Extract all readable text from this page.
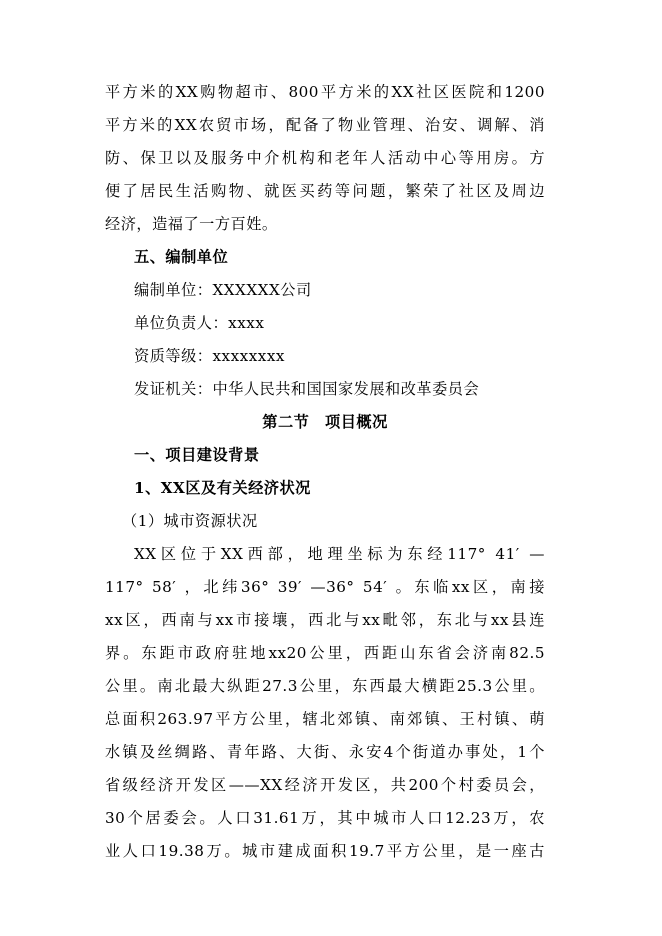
平方米的XX购物超市、800平方米的XX社区医院和1200
平方米的XX农贸市场，配备了物业管理、治安、调解、消
防、保卫以及服务中介机构和老年人活动中心等用房。方
便了居民生活购物、就医买药等问题，繁荣了社区及周边
经济，造福了一方百姓。
五、编制单位
编制单位：XXXXXX公司
单位负责人：xxxx
资质等级：xxxxxxxx
发证机关：中华人民共和国国家发展和改革委员会
第二节　项目概况
一、项目建设背景
1、XX区及有关经济状况
（1）城市资源状况
XX区位于XX西部，地理坐标为东经117° 41′ —
117° 58′ ，北纬36° 39′ —36° 54′ 。东临xx区，南接
xx区，西南与xx市接壤，西北与xx毗邻，东北与xx县连
界。东距市政府驻地xx20公里，西距山东省会济南82.5
公里。南北最大纵距27.3公里，东西最大横距25.3公里。
总面积263.97平方公里，辖北郊镇、南郊镇、王村镇、萌
水镇及丝绸路、青年路、大街、永安4个街道办事处，1个
省级经济开发区——XX经济开发区，共200个村委员会，
30个居委会。人口31.61万，其中城市人口12.23万，农
业人口19.38万。城市建成面积19.7平方公里，是一座古
